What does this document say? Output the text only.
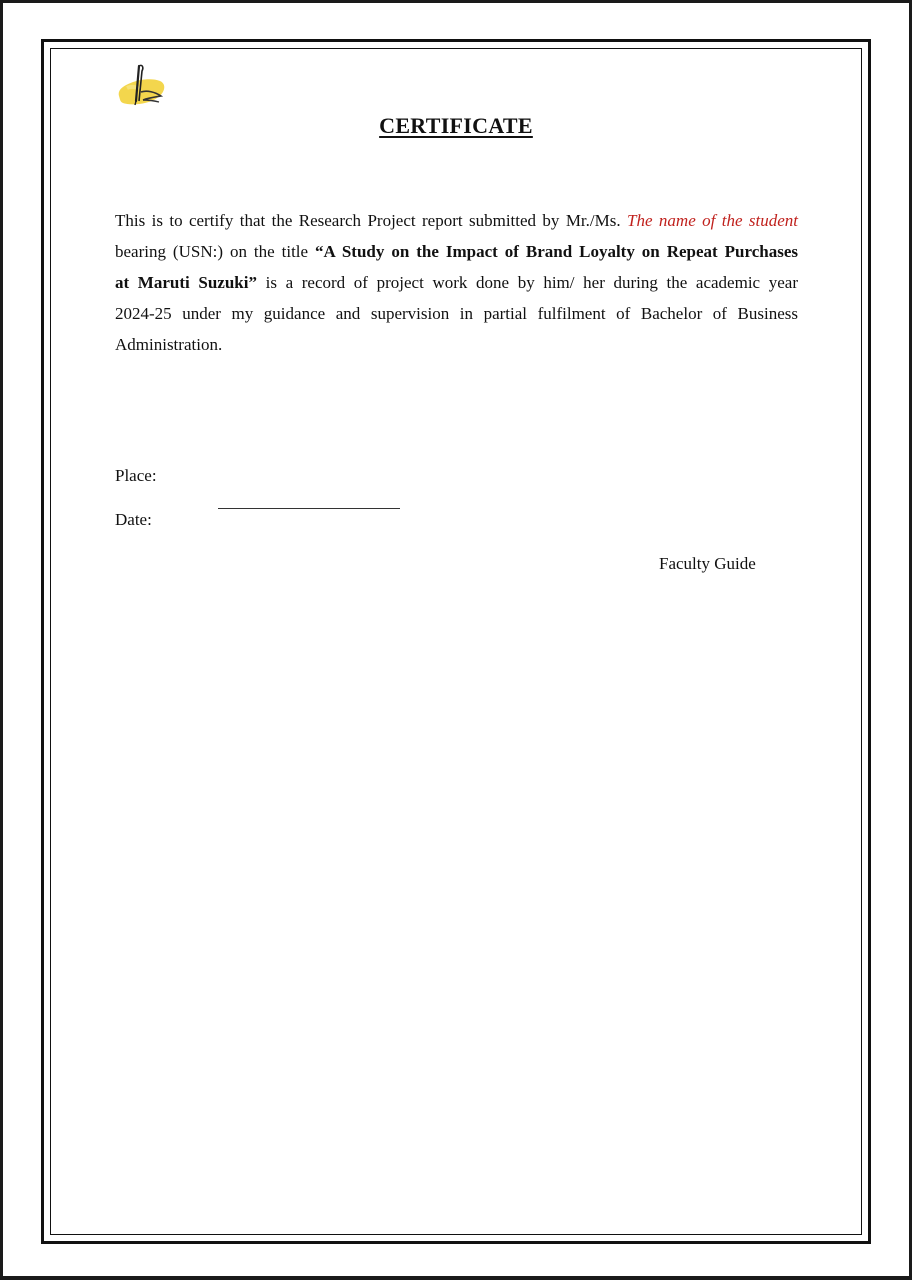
CERTIFICATE
This is to certify that the Research Project report submitted by Mr./Ms. The name of the student
bearing (USN:) on the title “A Study on the Impact of Brand Loyalty on Repeat Purchases
at Maruti Suzuki” is a record of project work done by him/ her during the academic year
2024-25 under my guidance and supervision in partial fulfilment of Bachelor of Business
Administration.
Place:
Date:
Faculty Guide
